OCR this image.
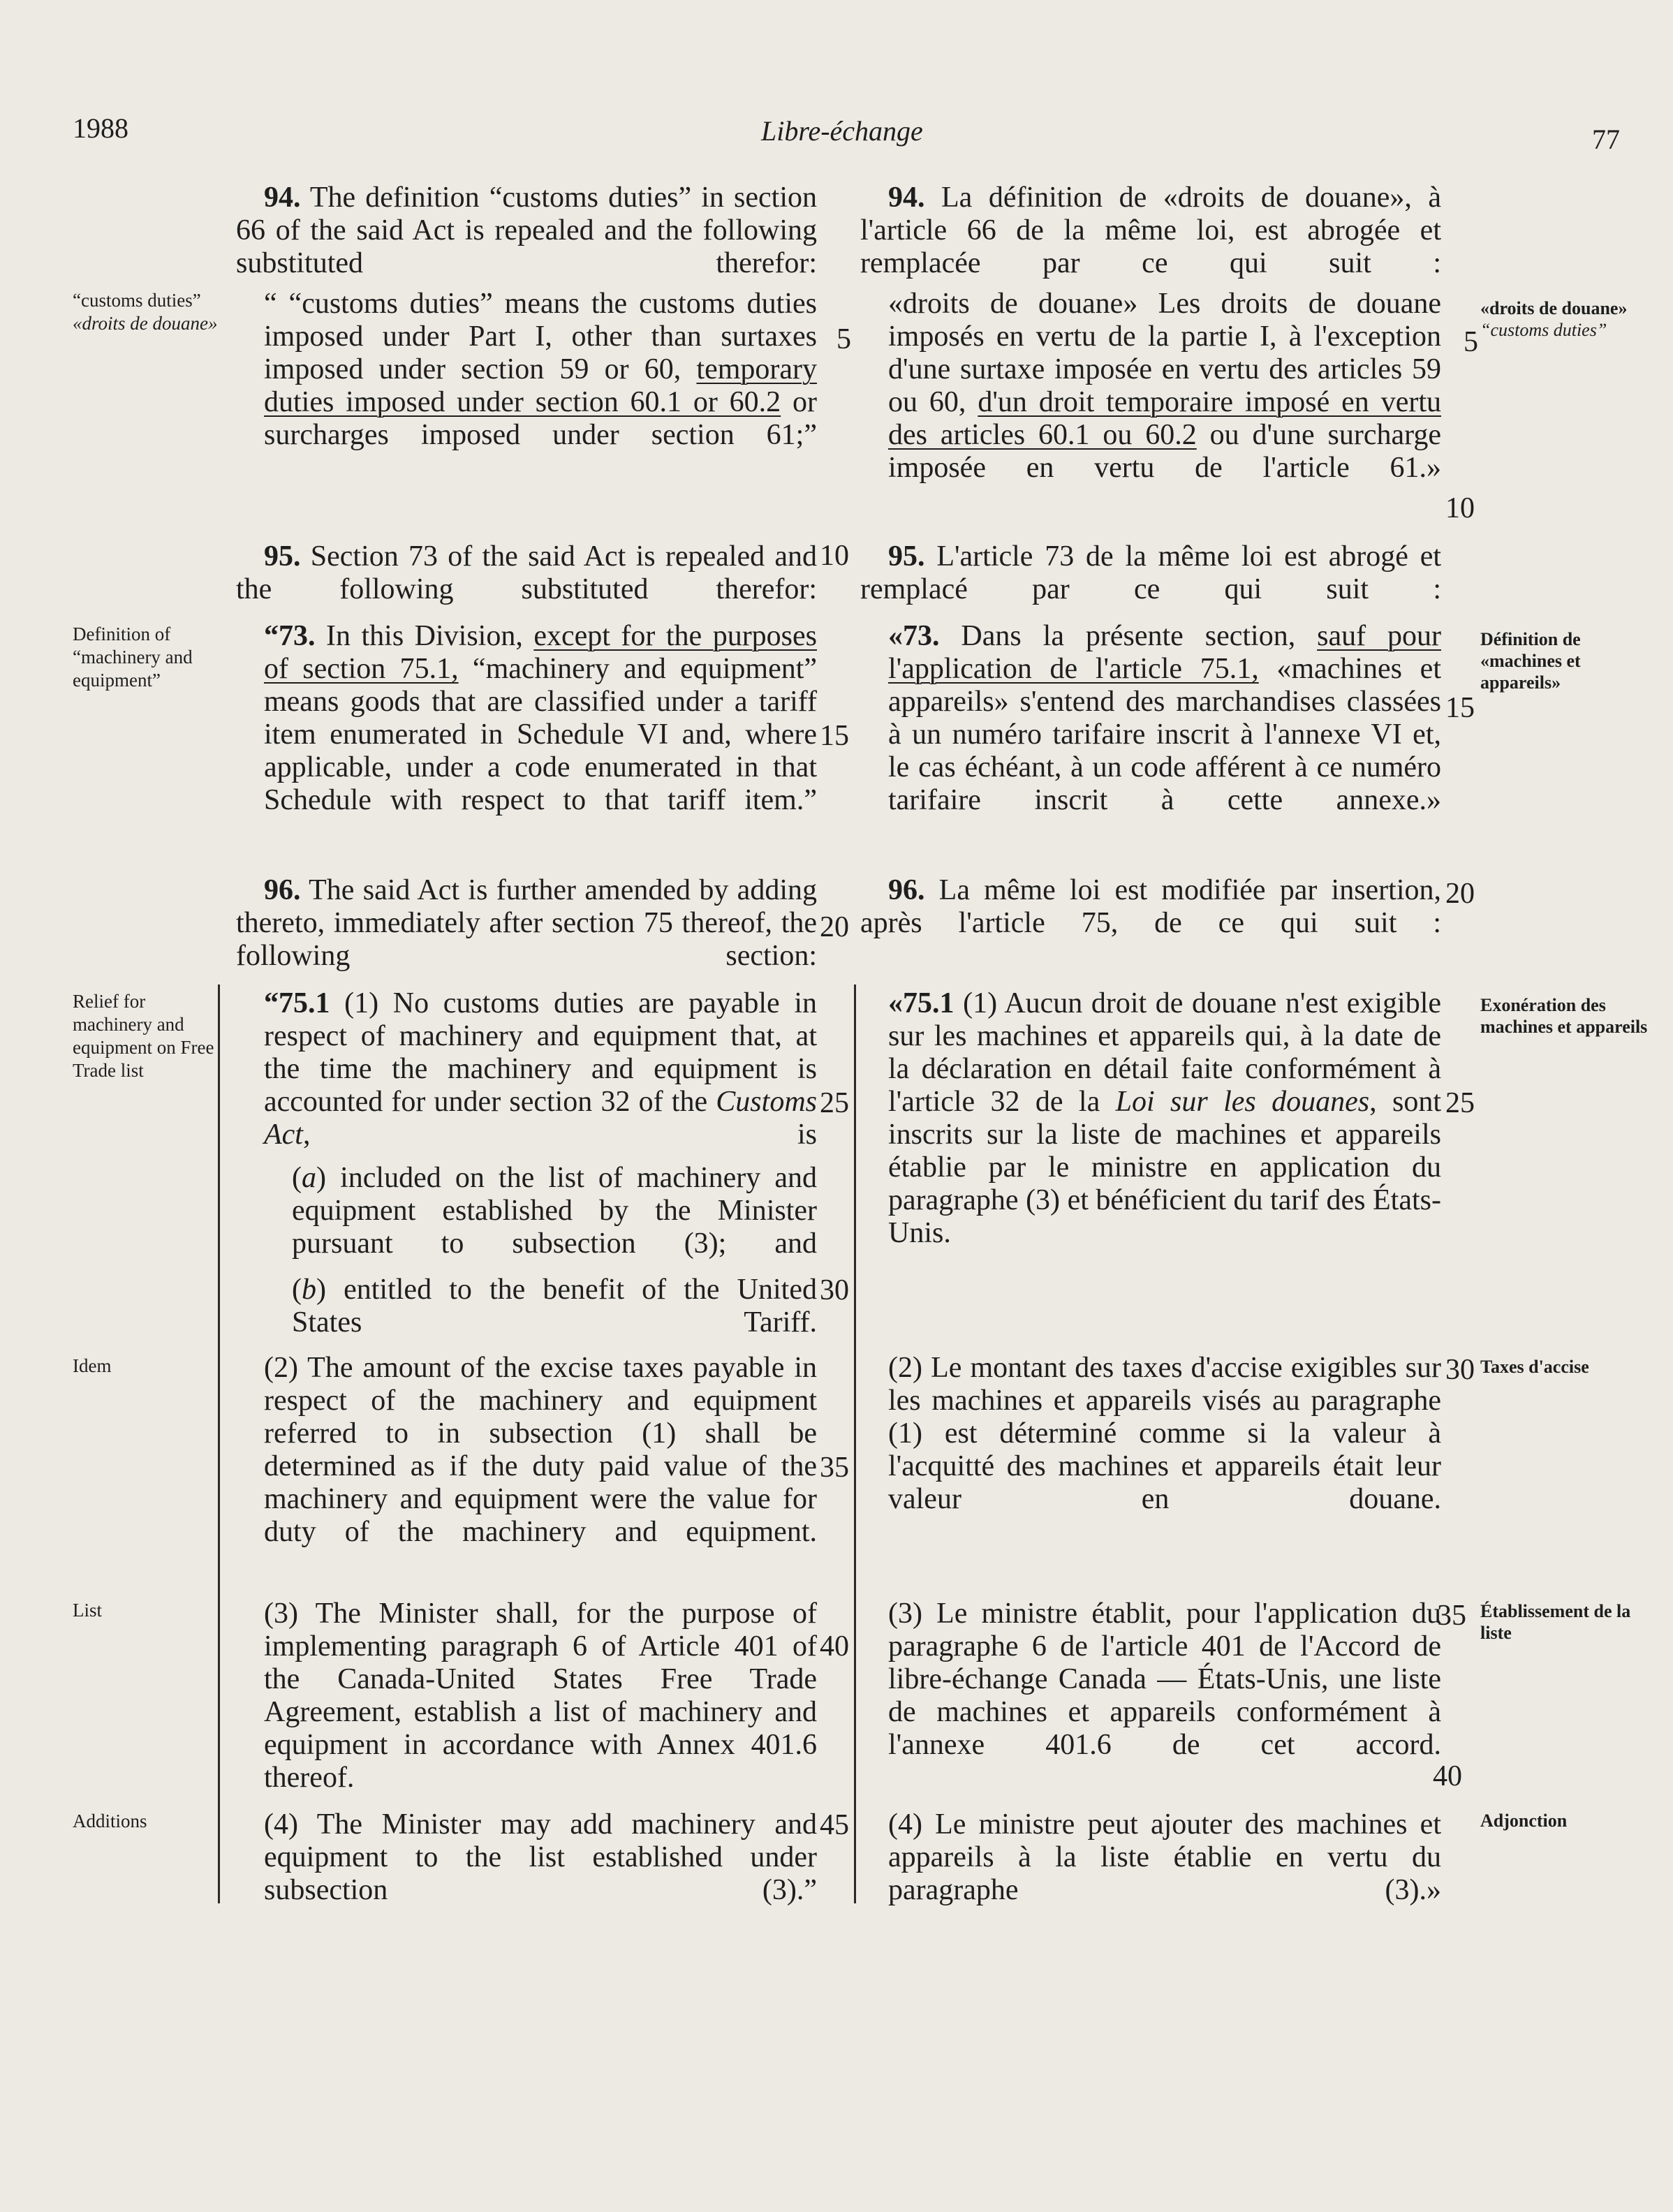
1988	Libre-échange	77
“customs duties”
«droits de douane»
Definition of “machinery and equipment”
Relief for machinery and equipment on Free Trade list
Idem
List
Additions
«droits de douane»
“customs duties”
Définition de «machines et appareils»
Exonération des machines et appareils
Taxes d'accise
Établissement de la liste
Adjonction

94. The definition “customs duties” in section 66 of the said Act is repealed and the following substituted therefor:

“ “customs duties” means the customs duties imposed under Part I, other than surtaxes imposed under section 59 or 60, temporary duties imposed under section 60.1 or 60.2 or surcharges imposed under section 61;”

95. Section 73 of the said Act is repealed and the following substituted therefor:

“73. In this Division, except for the purposes of section 75.1, “machinery and equipment” means goods that are classified under a tariff item enumerated in Schedule VI and, where applicable, under a code enumerated in that Schedule with respect to that tariff item.”

96. The said Act is further amended by adding thereto, immediately after section 75 thereof, the following section:

“75.1 (1) No customs duties are payable in respect of machinery and equipment that, at the time the machinery and equipment is accounted for under section 32 of the Customs Act, is

(a) included on the list of machinery and equipment established by the Minister pursuant to subsection (3); and

(b) entitled to the benefit of the United States Tariff.

(2) The amount of the excise taxes payable in respect of the machinery and equipment referred to in subsection (1) shall be determined as if the duty paid value of the machinery and equipment were the value for duty of the machinery and equipment.

(3) The Minister shall, for the purpose of implementing paragraph 6 of Article 401 of the Canada-United States Free Trade Agreement, establish a list of machinery and equipment in accordance with Annex 401.6 thereof.

(4) The Minister may add machinery and equipment to the list established under subsection (3).”

94. La définition de «droits de douane», à l'article 66 de la même loi, est abrogée et remplacée par ce qui suit :

«droits de douane» Les droits de douane imposés en vertu de la partie I, à l'exception d'une surtaxe imposée en vertu des articles 59 ou 60, d'un droit temporaire imposé en vertu des articles 60.1 ou 60.2 ou d'une surcharge imposée en vertu de l'article 61.»

95. L'article 73 de la même loi est abrogé et remplacé par ce qui suit :

«73. Dans la présente section, sauf pour l'application de l'article 75.1, «machines et appareils» s'entend des marchandises classées à un numéro tarifaire inscrit à l'annexe VI et, le cas échéant, à un code afférent à ce numéro tarifaire inscrit à cette annexe.»

96. La même loi est modifiée par insertion, après l'article 75, de ce qui suit :

«75.1 (1) Aucun droit de douane n'est exigible sur les machines et appareils qui, à la date de la déclaration en détail faite conformément à l'article 32 de la Loi sur les douanes, sont inscrits sur la liste de machines et appareils établie par le ministre en application du paragraphe (3) et bénéficient du tarif des États-Unis.

(2) Le montant des taxes d'accise exigibles sur les machines et appareils visés au paragraphe (1) est déterminé comme si la valeur à l'acquitté des machines et appareils était leur valeur en douane.

(3) Le ministre établit, pour l'application du paragraphe 6 de l'article 401 de l'Accord de libre-échange Canada — États-Unis, une liste de machines et appareils conformément à l'annexe 401.6 de cet accord.

(4) Le ministre peut ajouter des machines et appareils à la liste établie en vertu du paragraphe (3).»

5
10
15
20
25
30
35
40
45
5
10
15
20
25
30
35
40
